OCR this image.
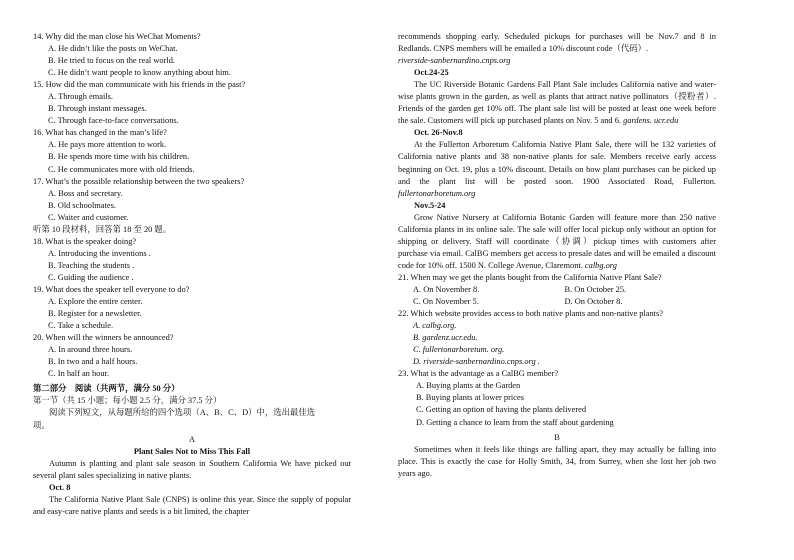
14. Why did the man close his WeChat Moments?
A. He didn’t like the posts on WeChat.
B. He tried to focus on the real world.
C. He didn’t want people to know anything about him.
15. How did the man communicate with his friends in the past?
A. Through emails.
B. Through instant messages.
C. Through face-to-face conversations.
16. What has changed in the man’s life?
A. He pays more attention to work.
B. He spends more time with his children.
C. He communicates more with old friends.
17. What’s the possible relationship between the two speakers?
A. Boss and secretary.
B. Old schoolmates.
C. Waiter and customer.
听第 10 段材料，回答第 18 至 20 题。
18. What is the speaker doing?
A. Introducing the inventions .
B. Teaching the students .
C. Guiding the audience .
19. What does the speaker tell everyone to do?
A. Explore the entire center.
B. Register for a newsletter.
C. Take a schedule.
20. When will the winners be announced?
A. In around three hours.
B. In two and a half hours.
C. In half an hour.
第二部分　阅读（共两节，满分 50 分）
第一节（共 15 小题；每小题 2.5 分，满分 37.5 分）
阅读下列短文，从每题所给的四个选项（A、B、C、D）中，选出最佳选
项。
A
Plant Sales Not to Miss This Fall
Autumn is planting and plant sale season in Southern California We have picked out several plant sales specializing in native plants.
Oct. 8
The California Native Plant Sale (CNPS) is online this year. Since the supply of popular and easy-care native plants and seeds is a bit limited, the chapter
recommends shopping early. Scheduled pickups for purchases will be Nov.7 and 8 in Redlands. CNPS members will be emailed a 10% discount code（代码）.
riverside-sanbernardino.cnps.org
Oct.24-25
The UC Riverside Botanic Gardens Fall Plant Sale includes California native and water-wise plants grown in the garden, as well as plants that attract native pollinators（授粉者）. Friends of the garden get 10% off. The plant sale list will be posted at least one week before the sale. Customers will pick up purchased plants on Nov. 5 and 6. gardens. ucr.edu
Oct. 26-Nov.8
At the Fullerton Arboretum California Native Plant Sale, there will be 132 varieties of California native plants and 38 non-native plants for sale. Members receive early access beginning on Oct. 19, plus a 10% discount. Details on how plant purchases can be picked up and the plant list will be posted soon. 1900 Associated Road, Fullerton. fullertonarboretum.org
Nov.5-24
Grow Native Nursery at California Botanic Garden will feature more than 250 native California plants in its online sale. The sale will offer local pickup only without an option for shipping or delivery. Staff will coordinate（协调）pickup times with customers after purchase via email. CalBG members get access to presale dates and will be emailed a discount code for 10% off. 1500 N. College Avenue, Claremont. calbg.org
21. When may we get the plants bought from the California Native Plant Sale?
A. On November 8.	B. On October 25.
C. On November 5.	D. On October 8.
22. Which website provides access to both native plants and non-native plants?
A. calbg.org.
B. gardenz.ucr.edu.
C. fullertonarboretum. org.
D. riverside-sanbernardino.cnps.org .
23. What is the advantage as a CalBG member?
A. Buying plants at the Garden
B. Buying plants at lower prices
C. Getting an option of having the plants delivered
D. Getting a chance to learn from the staff about gardening
B
Sometimes when it feels like things are falling apart, they may actually be falling into place. This is exactly the case for Holly Smith, 34, from Surrey, when she lost her job two years ago.
